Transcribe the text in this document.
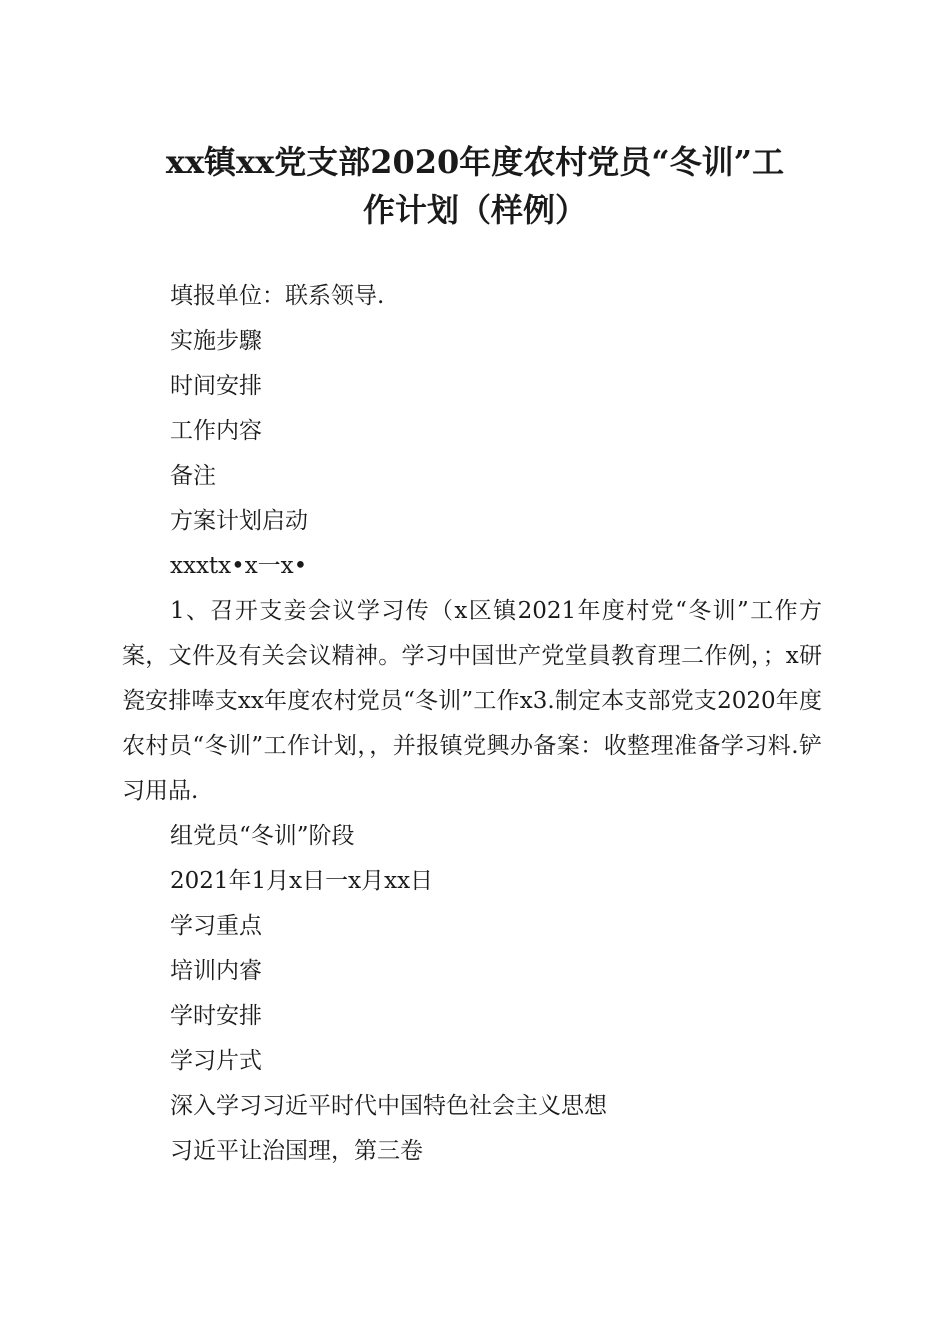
xx镇xx党支部2020年度农村党员“冬训”工
作计划（样例）
填报单位：联系领导.
实施步驟
时间安排
工作内容
备注
方案计划启动
xxxtx•x一x•
1、召开支妾会议学习传（x区镇2021年度村党“冬训”工作方案，文件及有关会议精神。学习中国世产党堂員教育理二作例，；x研瓷安排唪支xx年度农村党员“冬训”工作x3.制定本支部党支2020年度农村员“冬训”工作计划，，并报镇党興办备案：收整理准备学习料.铲习用品.
组党员“冬训”阶段
2021年1月x日一x月xx日
学习重点
培训内睿
学时安排
学习片式
深入学习习近平时代中国特色社会主义思想
习近平让治国理，第三卷
